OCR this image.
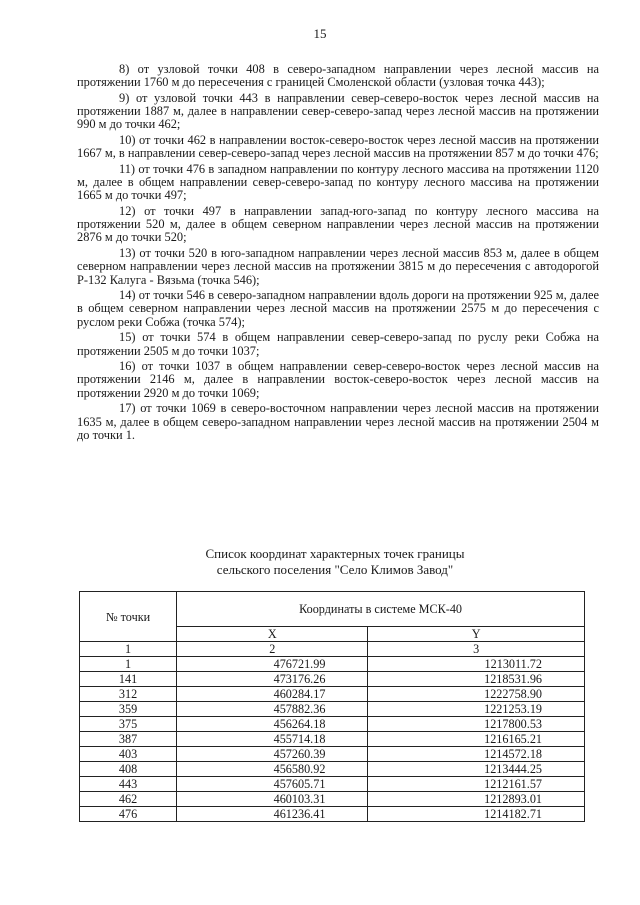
15

8) от узловой точки 408 в северо-западном направлении через лесной массив на протяжении 1760 м до пересечения с границей Смоленской области (узловая точка 443);

9) от узловой точки 443 в направлении север-северо-восток через лесной массив на протяжении 1887 м, далее в направлении север-северо-запад через лесной массив на протяжении 990 м до точки 462;

10) от точки 462 в направлении восток-северо-восток через лесной массив на протяжении 1667 м, в направлении север-северо-запад через лесной массив на протяжении 857 м до точки 476;

11) от точки 476 в западном направлении по контуру лесного массива на протяжении 1120 м, далее в общем направлении север-северо-запад по контуру лесного массива на протяжении 1665 м до точки 497;

12) от точки 497 в направлении запад-юго-запад по контуру лесного массива на протяжении 520 м, далее в общем северном направлении через лесной массив на протяжении 2876 м до точки 520;

13) от точки 520 в юго-западном направлении через лесной массив 853 м, далее в общем северном направлении через лесной массив на протяжении 3815 м до пересечения с автодорогой Р-132 Калуга - Вязьма (точка 546);

14) от точки 546 в северо-западном направлении вдоль дороги на протяжении 925 м, далее в общем северном направлении через лесной массив на протяжении 2575 м до пересечения с руслом реки Собжа (точка 574);

15) от точки 574 в общем направлении север-северо-запад по руслу реки Собжа на протяжении 2505 м до точки 1037;

16) от точки 1037 в общем направлении север-северо-восток через лесной массив на протяжении 2146 м, далее в направлении восток-северо-восток через лесной массив на протяжении 2920 м до точки 1069;

17) от точки 1069 в северо-восточном направлении через лесной массив на протяжении 1635 м, далее в общем северо-западном направлении через лесной массив на протяжении 2504 м до точки 1.

Список координат характерных точек границы
сельского поселения "Село Климов Завод"
№ точки	Координаты в системе МСК-40	
	X	Y
1	2	3
1	476721.99	1213011.72
141	473176.26	1218531.96
312	460284.17	1222758.90
359	457882.36	1221253.19
375	456264.18	1217800.53
387	455714.18	1216165.21
403	457260.39	1214572.18
408	456580.92	1213444.25
443	457605.71	1212161.57
462	460103.31	1212893.01
476	461236.41	1214182.71
